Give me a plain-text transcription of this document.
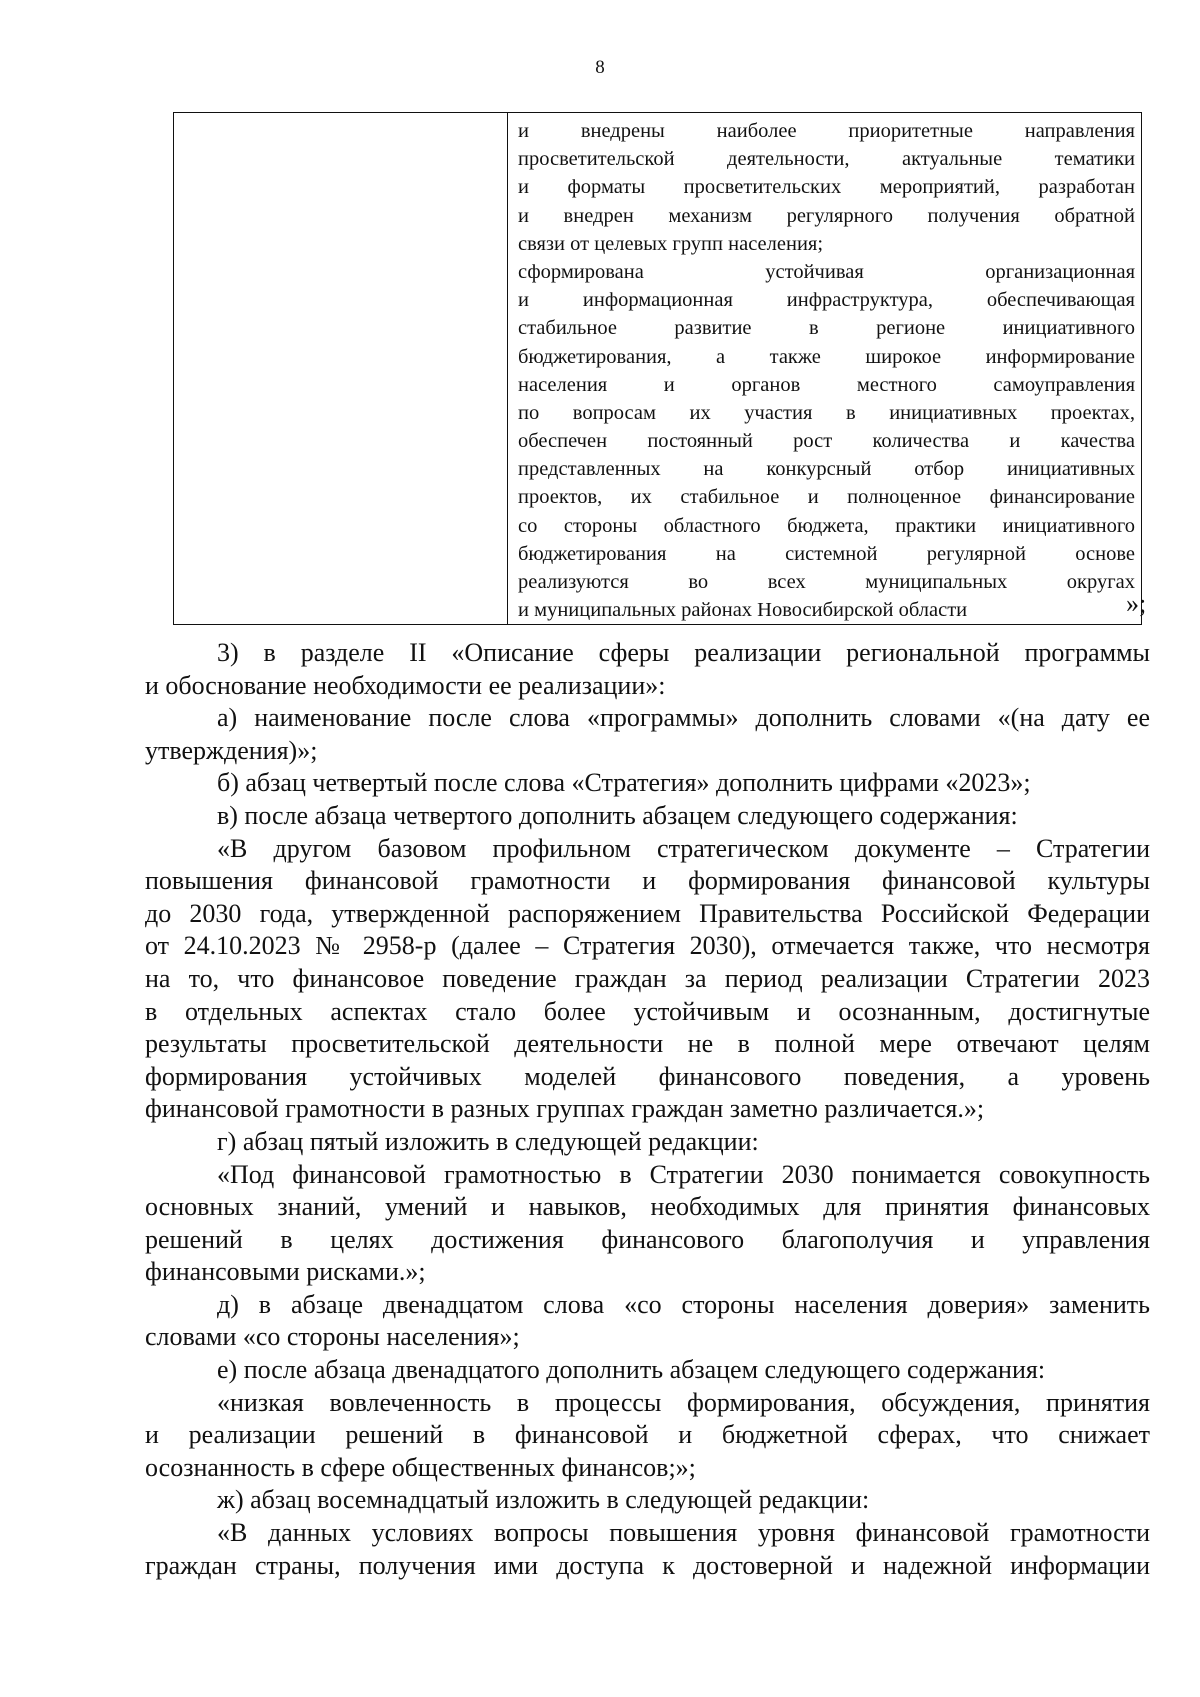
8

и внедрены наиболее приоритетные направления
просветительской деятельности, актуальные тематики
и форматы просветительских мероприятий, разработан
и внедрен механизм регулярного получения обратной
связи от целевых групп населения;
сформирована устойчивая организационная
и информационная инфраструктура, обеспечивающая
стабильное развитие в регионе инициативного
бюджетирования, а также широкое информирование
населения и органов местного самоуправления
по вопросам их участия в инициативных проектах,
обеспечен постоянный рост количества и качества
представленных на конкурсный отбор инициативных
проектов, их стабильное и полноценное финансирование
со стороны областного бюджета, практики инициативного
бюджетирования на системной регулярной основе
реализуются во всех муниципальных округах
и муниципальных районах Новосибирской области	»;

3) в разделе II «Описание сферы реализации региональной программы

и обоснование необходимости ее реализации»:

а) наименование после слова «программы» дополнить словами «(на дату ее

утверждения)»;

б) абзац четвертый после слова «Стратегия» дополнить цифрами «2023»;

в) после абзаца четвертого дополнить абзацем следующего содержания:

«В другом базовом профильном стратегическом документе – Стратегии

повышения финансовой грамотности и формирования финансовой культуры

до 2030 года, утвержденной распоряжением Правительства Российской Федерации

от 24.10.2023 № 2958-р (далее – Стратегия 2030), отмечается также, что несмотря

на то, что финансовое поведение граждан за период реализации Стратегии 2023

в отдельных аспектах стало более устойчивым и осознанным, достигнутые

результаты просветительской деятельности не в полной мере отвечают целям

формирования устойчивых моделей финансового поведения, а уровень

финансовой грамотности в разных группах граждан заметно различается.»;

г) абзац пятый изложить в следующей редакции:

«Под финансовой грамотностью в Стратегии 2030 понимается совокупность

основных знаний, умений и навыков, необходимых для принятия финансовых

решений в целях достижения финансового благополучия и управления

финансовыми рисками.»;

д) в абзаце двенадцатом слова «со стороны населения доверия» заменить

словами «со стороны населения»;

е) после абзаца двенадцатого дополнить абзацем следующего содержания:

«низкая вовлеченность в процессы формирования, обсуждения, принятия

и реализации решений в финансовой и бюджетной сферах, что снижает

осознанность в сфере общественных финансов;»;

ж) абзац восемнадцатый изложить в следующей редакции:

«В данных условиях вопросы повышения уровня финансовой грамотности

граждан страны, получения ими доступа к достоверной и надежной информации
